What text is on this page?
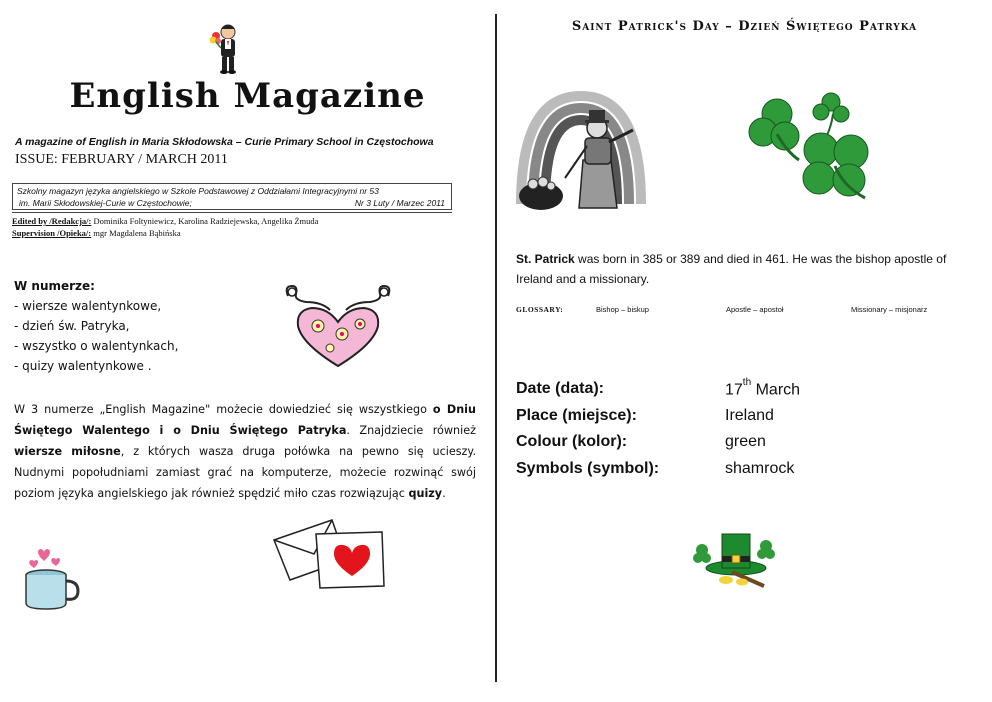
English Magazine
A magazine of English in Maria Skłodowska – Curie Primary School in Częstochowa
ISSUE: FEBRUARY / MARCH 2011
Szkolny magazyn języka angielskiego w Szkole Podstawowej z Oddziałami Integracyjnymi nr 53
im. Marii Skłodowskiej-Curie w Częstochowie;	Nr 3 Luty / Marzec 2011
Edited by /Redakcja/: Dominika Foltyniewicz, Karolina Radziejewska, Angelika Żmuda
Supervision /Opieka/: mgr Magdalena Bąbińska
W numerze:
- wiersze walentynkowe,
- dzień św. Patryka,
- wszystko o walentynkach,
- quizy walentynkowe .
W 3 numerze „English Magazine" możecie dowiedzieć się wszystkiego o Dniu Świętego Walentego i o Dniu Świętego Patryka. Znajdziecie również wiersze miłosne, z których wasza druga połówka na pewno się ucieszy. Nudnymi popołudniami zamiast grać na komputerze, możecie rozwinąć swój poziom języka angielskiego jak również spędzić miło czas rozwiązując quizy.
Saint Patrick's Day – Dzień Świętego Patryka
St. Patrick was born in 385 or 389 and died in 461. He was the bishop apostle of Ireland and a missionary.
GLOSSARY:	Bishop – biskup	Apostle – apostoł	Missionary – misjonarz
Date (data):	17th March
Place (miejsce):	Ireland
Colour (kolor):	green
Symbols (symbol):	shamrock
